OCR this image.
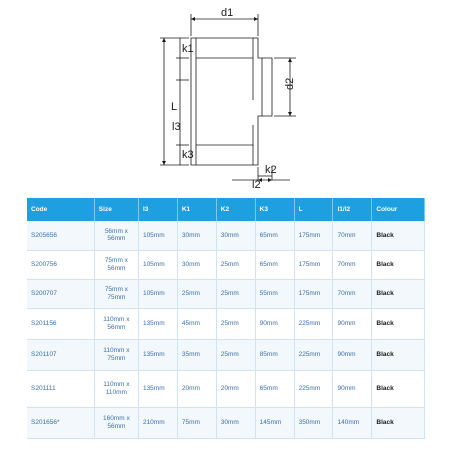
d1
d2
L
k1
k3
l3
k2
l2
Code	Size	l3	K1	K2	K3	L	l1/l2	Colour
S205656	56mm x 56mm	105mm	30mm	30mm	65mm	175mm	70mm	Black
S200756	75mm x 56mm	105mm	30mm	25mm	65mm	175mm	70mm	Black
S200707	75mm x 75mm	105mm	25mm	25mm	55mm	175mm	70mm	Black
S201156	110mm x 56mm	135mm	45mm	25mm	90mm	225mm	90mm	Black
S201107	110mm x 75mm	135mm	35mm	25mm	85mm	225mm	90mm	Black
S201111	110mm x 110mm	135mm	20mm	20mm	65mm	225mm	90mm	Black
S201656*	160mm x 56mm	210mm	75mm	30mm	145mm	350mm	140mm	Black
